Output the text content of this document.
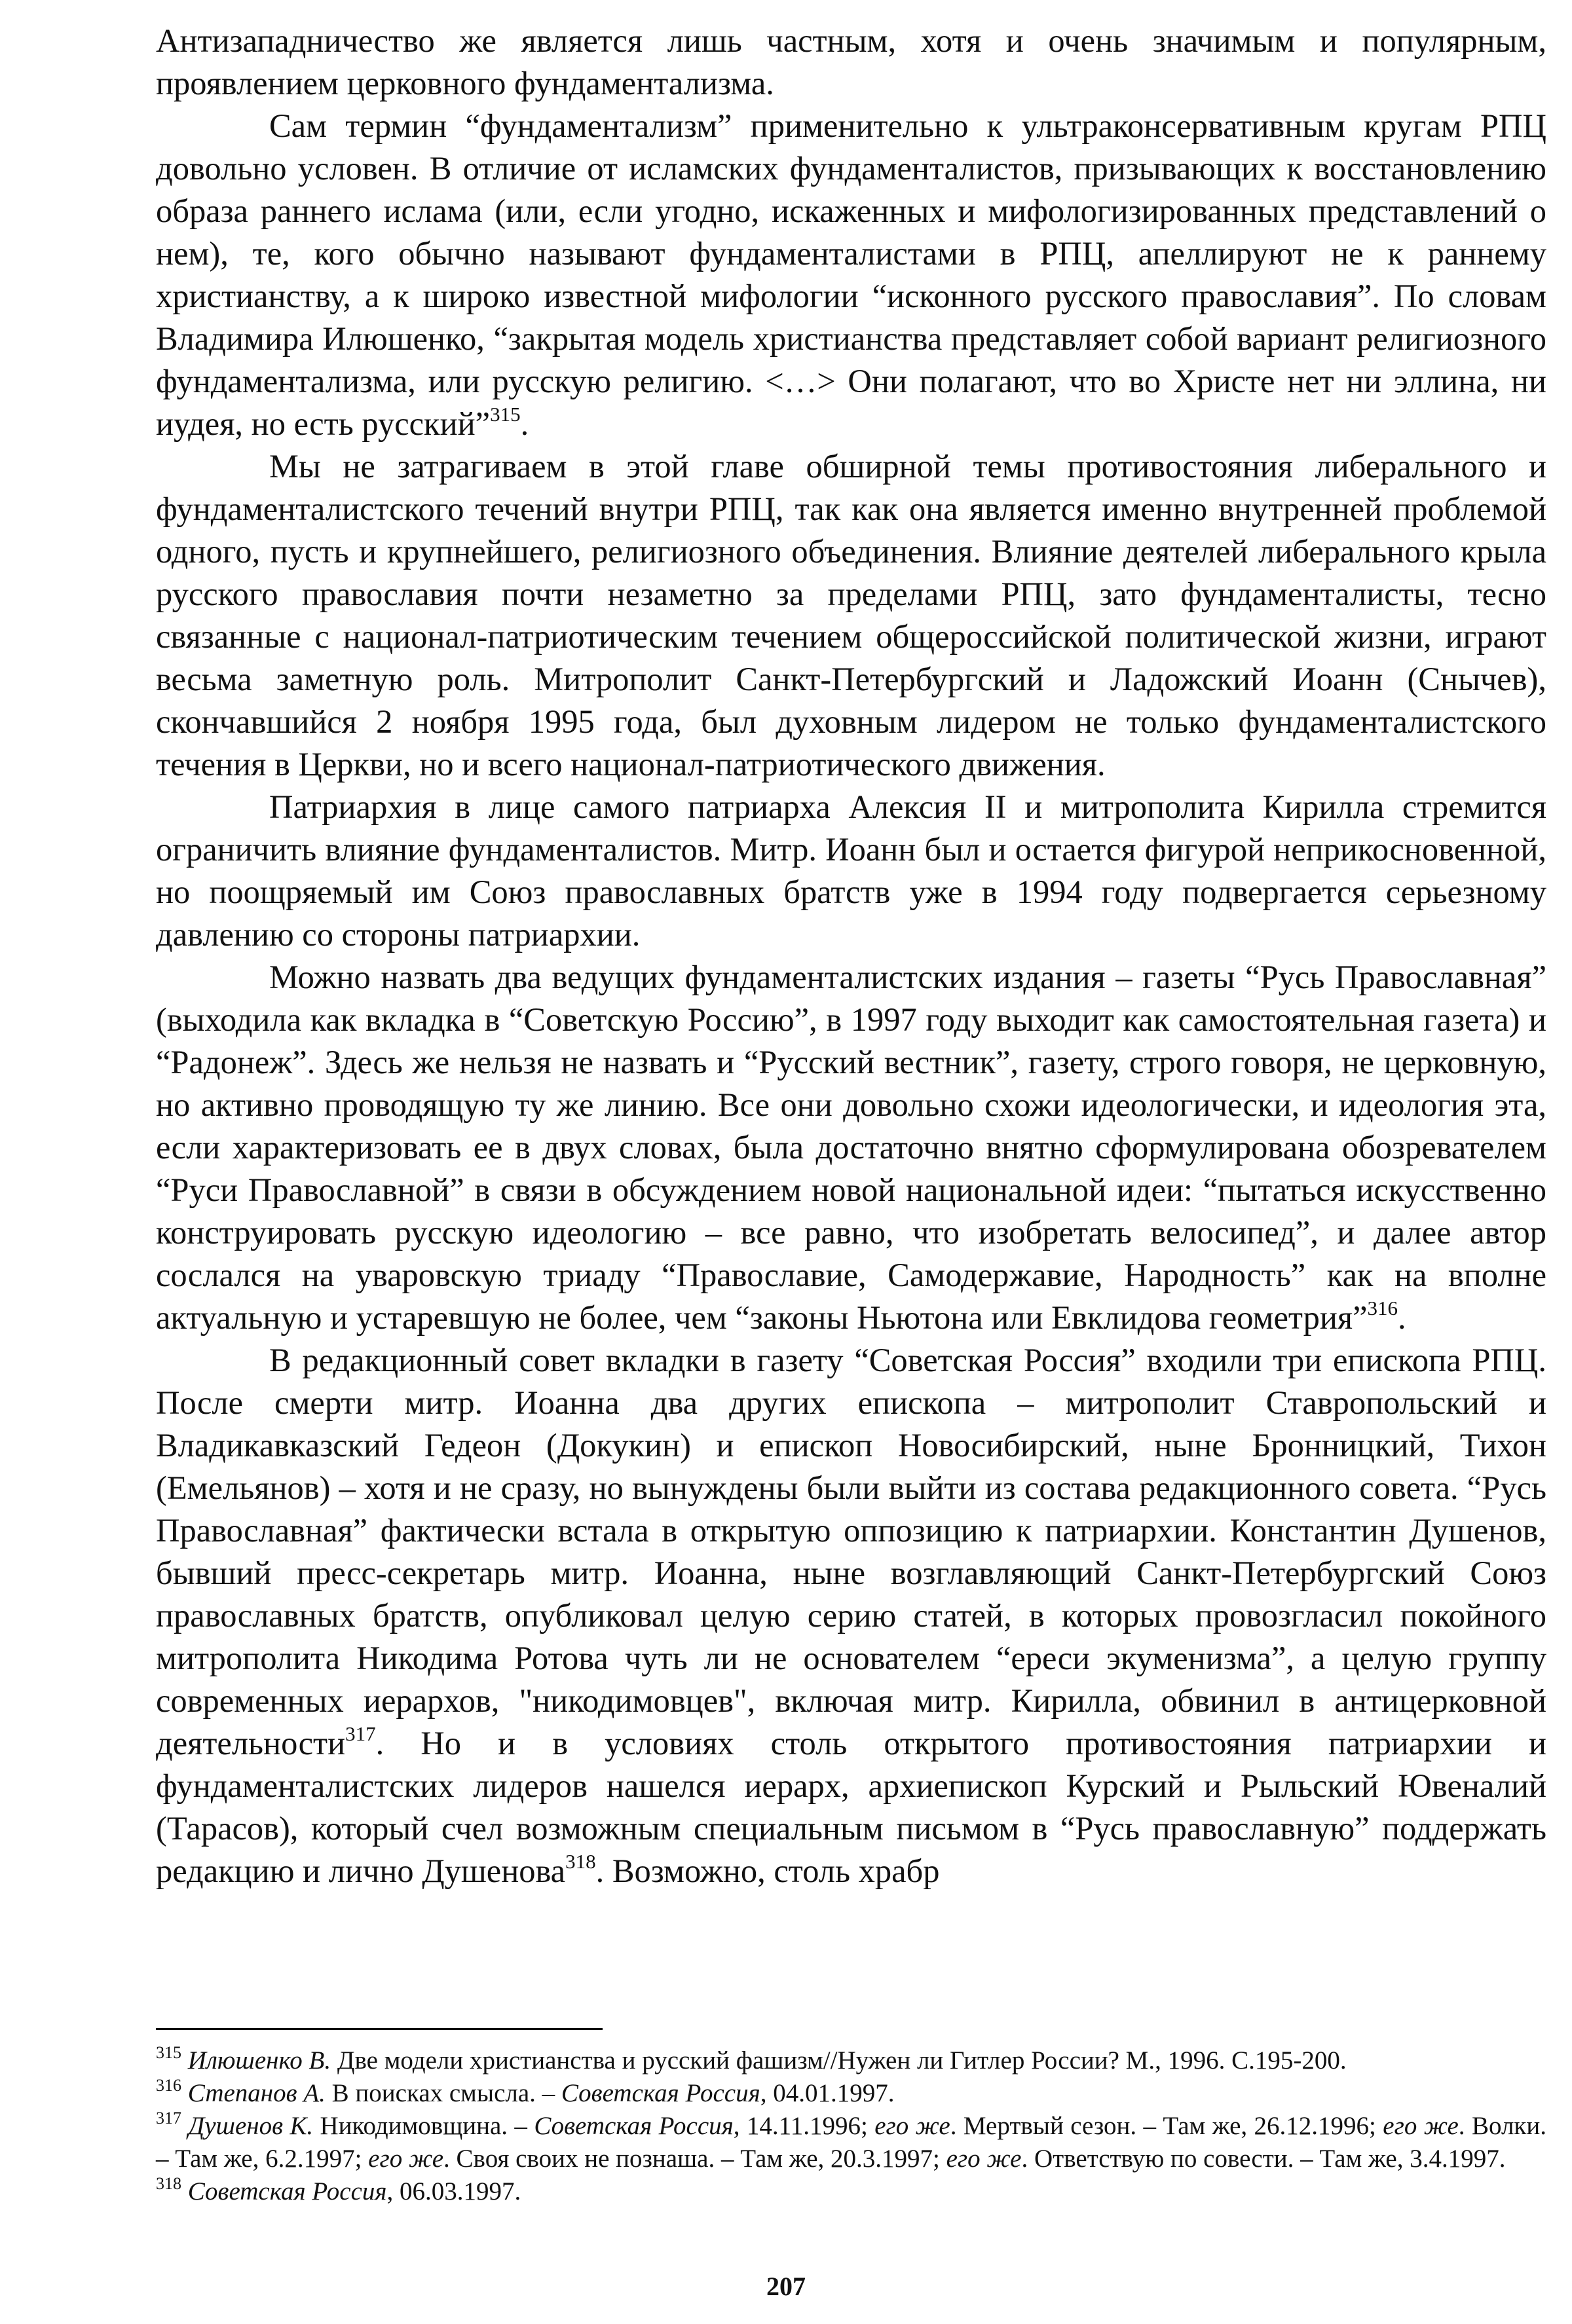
Антизападничество же является лишь частным, хотя и очень значимым и популярным, проявлением церковного фундаментализма.

Сам термин “фундаментализм” применительно к ультраконсервативным кругам РПЦ довольно условен. В отличие от исламских фундаменталистов, призывающих к восстановлению образа раннего ислама (или, если угодно, искаженных и мифологизированных представлений о нем), те, кого обычно называют фундаменталистами в РПЦ, апеллируют не к раннему христианству, а к широко известной мифологии “исконного русского православия”. По словам Владимира Илюшенко, “закрытая модель христианства представляет собой вариант религиозного фундаментализма, или русскую религию. <…> Они полагают, что во Христе нет ни эллина, ни иудея, но есть русский”$^{315}$.

Мы не затрагиваем в этой главе обширной темы противостояния либерального и фундаменталистского течений внутри РПЦ, так как она является именно внутренней проблемой одного, пусть и крупнейшего, религиозного объединения. Влияние деятелей либерального крыла русского православия почти незаметно за пределами РПЦ, зато фундаменталисты, тесно связанные с национал-патриотическим течением общероссийской политической жизни, играют весьма заметную роль. Митрополит Санкт-Петербургский и Ладожский Иоанн (Снычев), скончавшийся 2 ноября 1995 года, был духовным лидером не только фундаменталистского течения в Церкви, но и всего национал-патриотического движения.

Патриархия в лице самого патриарха Алексия II и митрополита Кирилла стремится ограничить влияние фундаменталистов. Митр. Иоанн был и остается фигурой неприкосновенной, но поощряемый им Союз православных братств уже в 1994 году подвергается серьезному давлению со стороны патриархии.

Можно назвать два ведущих фундаменталистских издания – газеты “Русь Православная” (выходила как вкладка в “Советскую Россию”, в 1997 году выходит как самостоятельная газета) и “Радонеж”. Здесь же нельзя не назвать и “Русский вестник”, газету, строго говоря, не церковную, но активно проводящую ту же линию. Все они довольно схожи идеологически, и идеология эта, если характеризовать ее в двух словах, была достаточно внятно сформулирована обозревателем “Руси Православной” в связи в обсуждением новой национальной идеи: “пытаться искусственно конструировать русскую идеологию – все равно, что изобретать велосипед”, и далее автор сослался на уваровскую триаду “Православие, Самодержавие, Народность” как на вполне актуальную и устаревшую не более, чем “законы Ньютона или Евклидова геометрия”$^{316}$.

В редакционный совет вкладки в газету “Советская Россия” входили три епископа РПЦ. После смерти митр. Иоанна два других епископа – митрополит Ставропольский и Владикавказский Гедеон (Докукин) и епископ Новосибирский, ныне Бронницкий, Тихон (Емельянов) – хотя и не сразу, но вынуждены были выйти из состава редакционного совета. “Русь Православная” фактически встала в открытую оппозицию к патриархии. Константин Душенов, бывший пресс-секретарь митр. Иоанна, ныне возглавляющий Санкт-Петербургский Союз православных братств, опубликовал целую серию статей, в которых провозгласил покойного митрополита Никодима Ротова чуть ли не основателем “ереси экуменизма”, а целую группу современных иерархов, "никодимовцев", включая митр. Кирилла, обвинил в антицерковной деятельности$^{317}$. Но и в условиях столь открытого противостояния патриархии и фундаменталистских лидеров нашелся иерарх, архиепископ Курский и Рыльский Ювеналий (Тарасов), который счел возможным специальным письмом в “Русь православную” поддержать редакцию и лично Душенова$^{318}$. Возможно, столь храбр

$^{315}$ Илюшенко В. Две модели христианства и русский фашизм//Нужен ли Гитлер России? М., 1996. С.195-200.

$^{316}$ Степанов А. В поисках смысла. – Советская Россия, 04.01.1997.

$^{317}$ Душенов К. Никодимовщина. – Советская Россия, 14.11.1996; его же. Мертвый сезон. – Там же, 26.12.1996; его же. Волки. – Там же, 6.2.1997; его же. Своя своих не познаша. – Там же, 20.3.1997; его же. Ответствую по совести. – Там же, 3.4.1997.

$^{318}$ Советская Россия, 06.03.1997.

207
